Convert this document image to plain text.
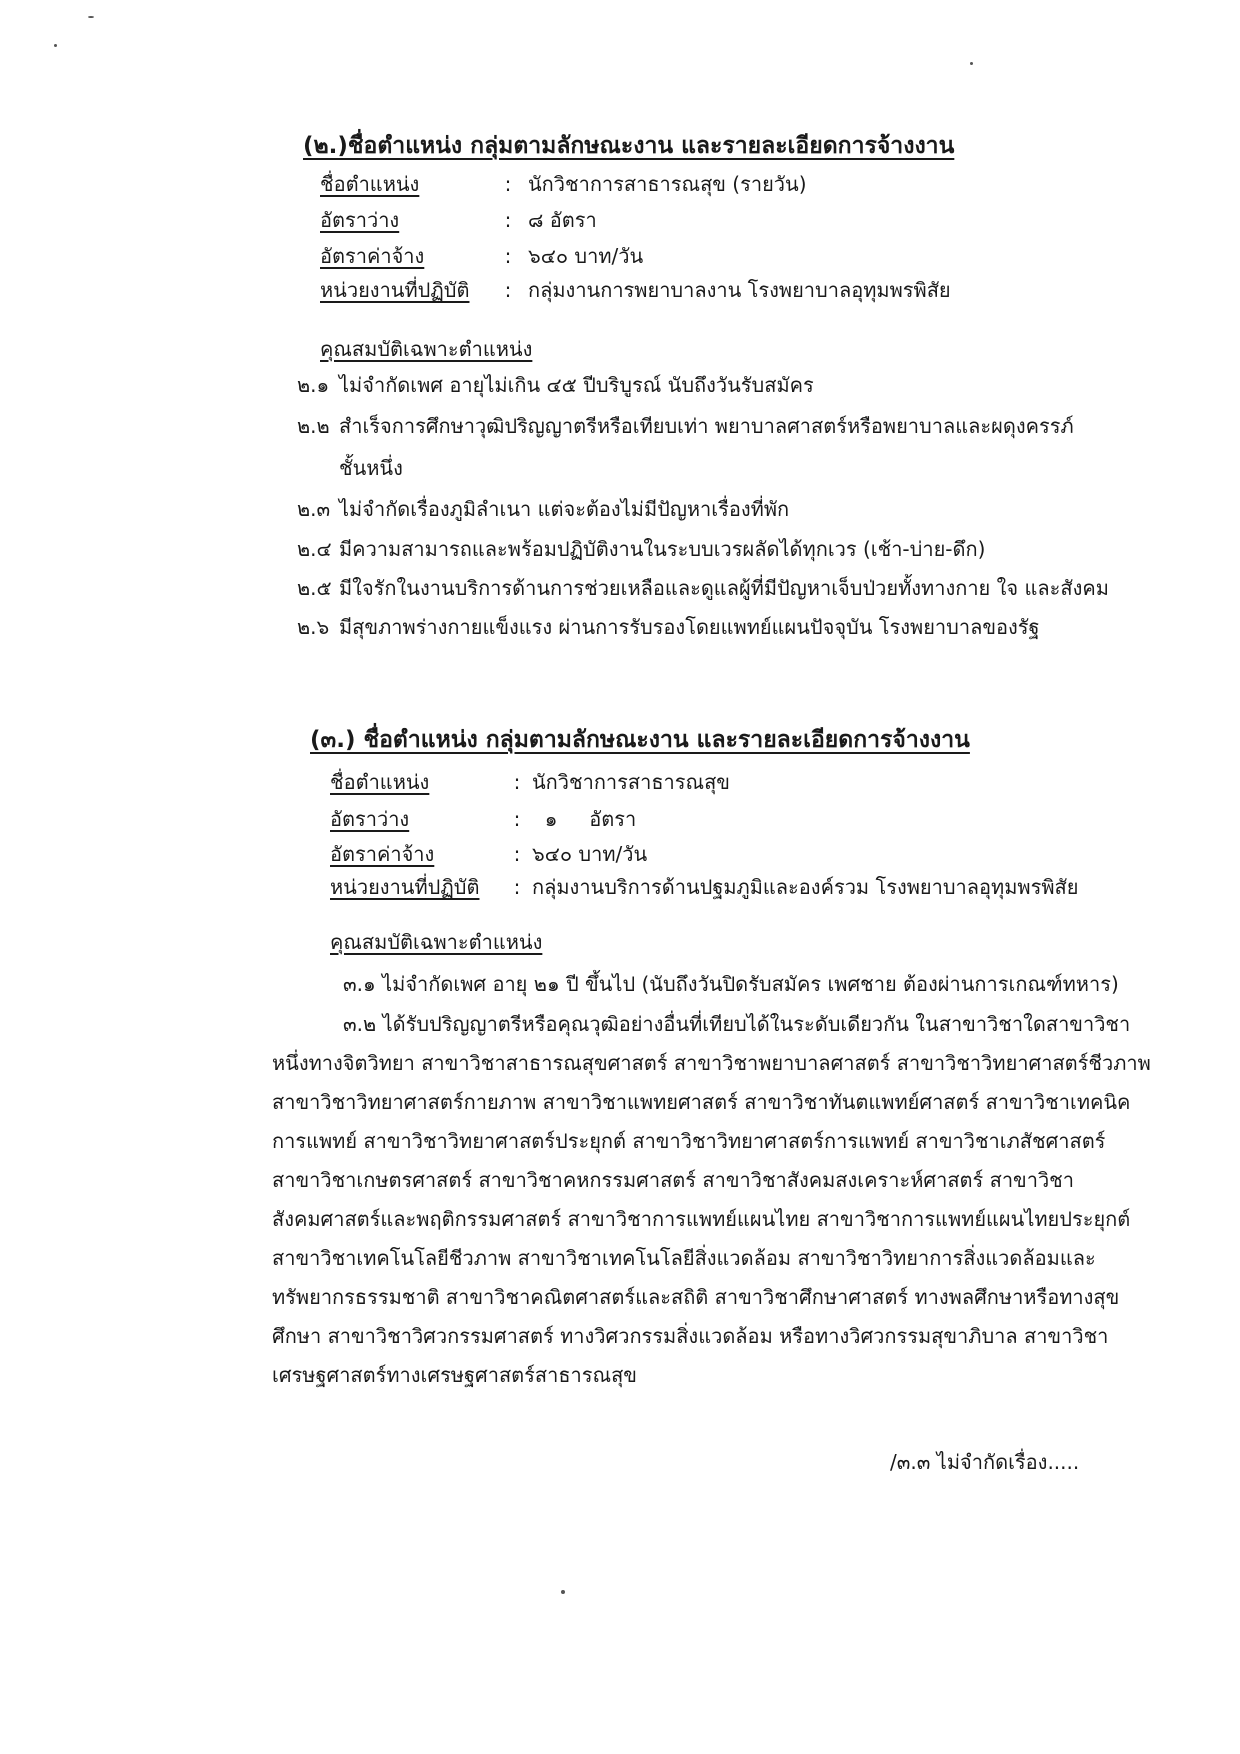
(๒.)ชื่อตำแหน่ง กลุ่มตามลักษณะงาน และรายละเอียดการจ้างงาน
ชื่อตำแหน่ง	: นักวิชาการสาธารณสุข (รายวัน)
อัตราว่าง	: ๘ อัตรา
อัตราค่าจ้าง	: ๖๔๐ บาท/วัน
หน่วยงานที่ปฏิบัติ	: กลุ่มงานการพยาบาลงาน โรงพยาบาลอุทุมพรพิสัย
คุณสมบัติเฉพาะตำแหน่ง
๒.๑ ไม่จำกัดเพศ อายุไม่เกิน ๔๕ ปีบริบูรณ์ นับถึงวันรับสมัคร
๒.๒ สำเร็จการศึกษาวุฒิปริญญาตรีหรือเทียบเท่า พยาบาลศาสตร์หรือพยาบาลและผดุงครรภ์
ชั้นหนึ่ง
๒.๓ ไม่จำกัดเรื่องภูมิลำเนา แต่จะต้องไม่มีปัญหาเรื่องที่พัก
๒.๔ มีความสามารถและพร้อมปฏิบัติงานในระบบเวรผลัดได้ทุกเวร (เช้า-บ่าย-ดึก)
๒.๕ มีใจรักในงานบริการด้านการช่วยเหลือและดูแลผู้ที่มีปัญหาเจ็บป่วยทั้งทางกาย ใจ และสังคม
๒.๖ มีสุขภาพร่างกายแข็งแรง ผ่านการรับรองโดยแพทย์แผนปัจจุบัน โรงพยาบาลของรัฐ
(๓.) ชื่อตำแหน่ง กลุ่มตามลักษณะงาน และรายละเอียดการจ้างงาน
ชื่อตำแหน่ง	: นักวิชาการสาธารณสุข
อัตราว่าง	: ๑     อัตรา
อัตราค่าจ้าง	: ๖๔๐ บาท/วัน
หน่วยงานที่ปฏิบัติ	: กลุ่มงานบริการด้านปฐมภูมิและองค์รวม โรงพยาบาลอุทุมพรพิสัย
คุณสมบัติเฉพาะตำแหน่ง
๓.๑ ไม่จำกัดเพศ อายุ ๒๑ ปี ขึ้นไป (นับถึงวันปิดรับสมัคร เพศชาย ต้องผ่านการเกณฑ์ทหาร)
๓.๒ ได้รับปริญญาตรีหรือคุณวุฒิอย่างอื่นที่เทียบได้ในระดับเดียวกัน ในสาขาวิชาใดสาขาวิชา
หนึ่งทางจิตวิทยา สาขาวิชาสาธารณสุขศาสตร์ สาขาวิชาพยาบาลศาสตร์ สาขาวิชาวิทยาศาสตร์ชีวภาพ
สาขาวิชาวิทยาศาสตร์กายภาพ สาขาวิชาแพทยศาสตร์ สาขาวิชาทันตแพทย์ศาสตร์ สาขาวิชาเทคนิค
การแพทย์ สาขาวิชาวิทยาศาสตร์ประยุกต์ สาขาวิชาวิทยาศาสตร์การแพทย์ สาขาวิชาเภสัชศาสตร์
สาขาวิชาเกษตรศาสตร์ สาขาวิชาคหกรรมศาสตร์ สาขาวิชาสังคมสงเคราะห์ศาสตร์ สาขาวิชา
สังคมศาสตร์และพฤติกรรมศาสตร์ สาขาวิชาการแพทย์แผนไทย สาขาวิชาการแพทย์แผนไทยประยุกต์
สาขาวิชาเทคโนโลยีชีวภาพ สาขาวิชาเทคโนโลยีสิ่งแวดล้อม สาขาวิชาวิทยาการสิ่งแวดล้อมและ
ทรัพยากรธรรมชาติ สาขาวิชาคณิตศาสตร์และสถิติ สาขาวิชาศึกษาศาสตร์ ทางพลศึกษาหรือทางสุข
ศึกษา สาขาวิชาวิศวกรรมศาสตร์ ทางวิศวกรรมสิ่งแวดล้อม หรือทางวิศวกรรมสุขาภิบาล สาขาวิชา
เศรษฐศาสตร์ทางเศรษฐศาสตร์สาธารณสุข
/๓.๓ ไม่จำกัดเรื่อง.....
